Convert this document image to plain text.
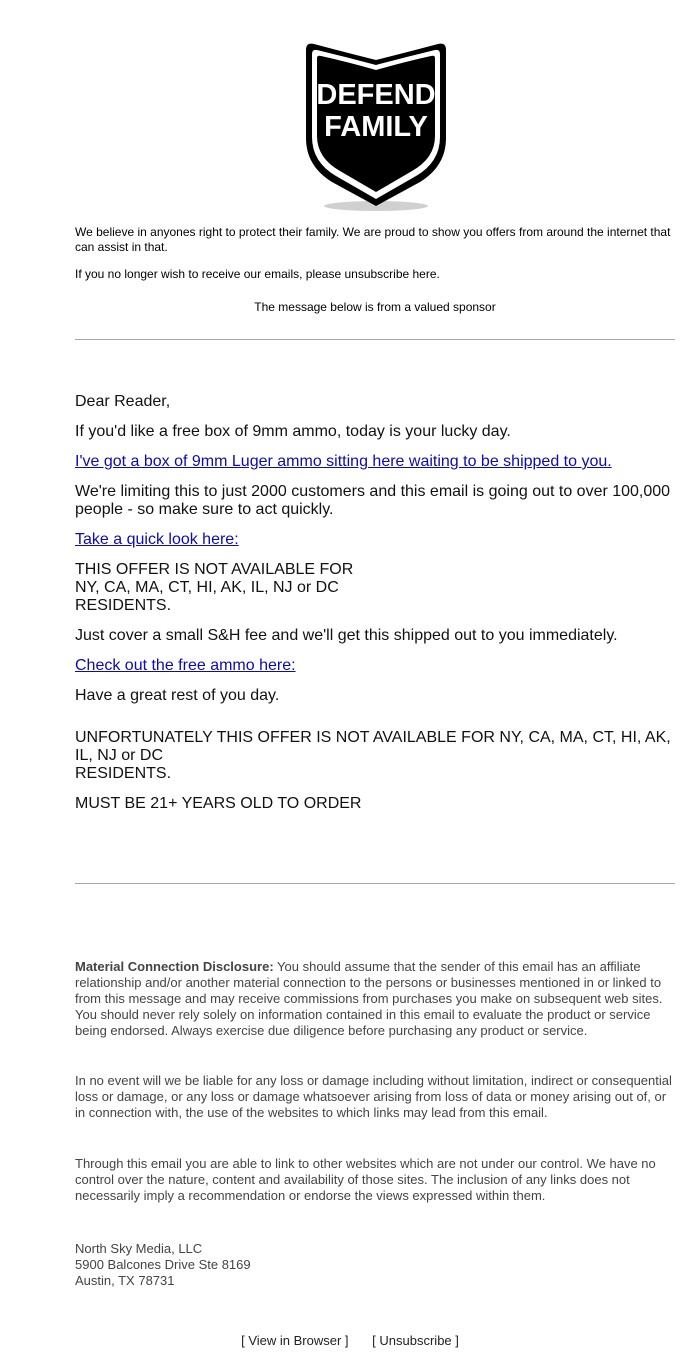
DEFEND
FAMILY
We believe in anyones right to protect their family. We are proud to show you offers from around the internet that can assist in that.
If you no longer wish to receive our emails, please unsubscribe here.
The message below is from a valued sponsor

Dear Reader,

If you'd like a free box of 9mm ammo, today is your lucky day.

I've got a box of 9mm Luger ammo sitting here waiting to be shipped to you.

We're limiting this to just 2000 customers and this email is going out to over 100,000 people - so make sure to act quickly.

Take a quick look here:

THIS OFFER IS NOT AVAILABLE FOR
NY, CA, MA, CT, HI, AK, IL, NJ or DC
RESIDENTS.

Just cover a small S&H fee and we'll get this shipped out to you immediately.

Check out the free ammo here:

Have a great rest of you day.

UNFORTUNATELY THIS OFFER IS NOT AVAILABLE FOR NY, CA, MA, CT, HI, AK, IL, NJ or DC
RESIDENTS.

MUST BE 21+ YEARS OLD TO ORDER

Material Connection Disclosure: You should assume that the sender of this email has an affiliate relationship and/or another material connection to the persons or businesses mentioned in or linked to from this message and may receive commissions from purchases you make on subsequent web sites. You should never rely solely on information contained in this email to evaluate the product or service being endorsed. Always exercise due diligence before purchasing any product or service.
In no event will we be liable for any loss or damage including without limitation, indirect or consequential loss or damage, or any loss or damage whatsoever arising from loss of data or money arising out of, or in connection with, the use of the websites to which links may lead from this email.
Through this email you are able to link to other websites which are not under our control. We have no control over the nature, content and availability of those sites. The inclusion of any links does not necessarily imply a recommendation or endorse the views expressed within them.
North Sky Media, LLC
5900 Balcones Drive Ste 8169
Austin, TX 78731
[ View in Browser ] [ Unsubscribe ]
